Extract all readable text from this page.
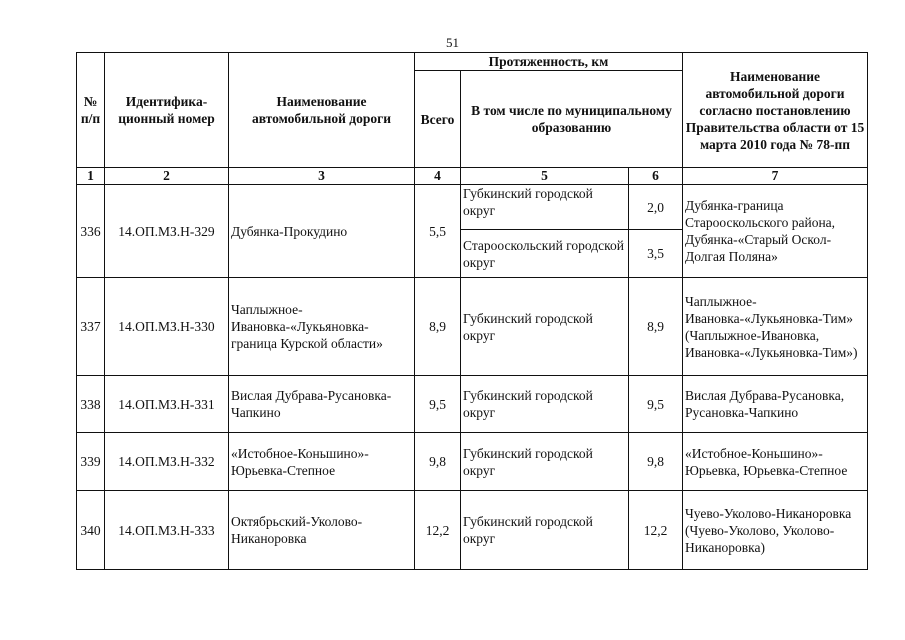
51
№ п/п	Идентифика-ционный номер	Наименование автомобильной дороги	Протяженность, км			Наименование автомобильной дороги согласно постановлению Правительства области от 15 марта 2010 года № 78-пп
			Всего	В том числе по муниципальному образованию		
1	2	3	4	5	6	7
336	14.ОП.МЗ.Н-329	Дубянка-Прокудино	5,5	Губкинский городской округ	2,0	Дубянка-граница Старооскольского района, Дубянка-«Старый Оскол-Долгая Поляна»
				Старооскольский городской округ	3,5	
337	14.ОП.МЗ.Н-330	Чаплыжное-Ивановка-«Лукьяновка-граница Курской области»	8,9	Губкинский городской округ	8,9	Чаплыжное-Ивановка-«Лукьяновка-Тим» (Чаплыжное-Ивановка, Ивановка-«Лукьяновка-Тим»)
338	14.ОП.МЗ.Н-331	Вислая Дубрава-Русановка-Чапкино	9,5	Губкинский городской округ	9,5	Вислая Дубрава-Русановка, Русановка-Чапкино
339	14.ОП.МЗ.Н-332	«Истобное-Коньшино»-Юрьевка-Степное	9,8	Губкинский городской округ	9,8	«Истобное-Коньшино»-Юрьевка, Юрьевка-Степное
340	14.ОП.МЗ.Н-333	Октябрьский-Уколово-Никаноровка	12,2	Губкинский городской округ	12,2	Чуево-Уколово-Никаноровка (Чуево-Уколово, Уколово-Никаноровка)
